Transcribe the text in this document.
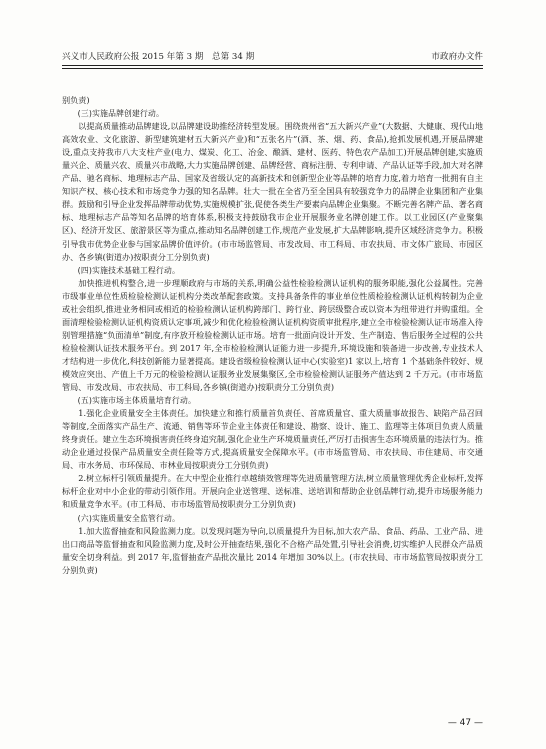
兴义市人民政府公报 2015 年第 3 期　总第 34 期	市政府办文件

别负责)

(三)实施品牌创建行动。

以提高质量推动品牌建设,以品牌建设助推经济转型发展。围绕贵州省“五大新兴产业”(大数据、大健康、现代山地高效农业、文化旅游、新型建筑建材五大新兴产业)和“五张名片”(酒、茶、烟、药、食品),抢抓发展机遇,开展品牌建设,重点支持我市八大支柱产业(电力、煤炭、化工、冶金、酿酒、建材、医药、特色农产品加工)开展品牌创建,实施质量兴企、质量兴农、质量兴市战略,大力实施品牌创建、品牌经营、商标注册、专利申请、产品认证等手段,加大对名牌产品、驰名商标、地理标志产品、国家及省级认定的高新技术和创新型企业等品牌的培育力度,着力培育一批拥有自主知识产权、核心技术和市场竞争力强的知名品牌。壮大一批在全省乃至全国具有较强竞争力的品牌企业集团和产业集群。鼓励和引导企业发挥品牌带动优势,实施规模扩张,促使各类生产要素向品牌企业集聚。不断完善名牌产品、著名商标、地理标志产品等知名品牌的培育体系,积极支持鼓励我市企业开展服务业名牌创建工作。以工业园区(产业聚集区)、经济开发区、旅游景区等为重点,推动知名品牌创建工作,规范产业发展,扩大品牌影响,提升区域经济竞争力。积极引导我市优势企业参与国家品牌价值评价。(市市场监管局、市发改局、市工科局、市农扶局、市文体广旅局、市园区办、各乡镇(街道办)按职责分工分别负责)

(四)实施技术基础工程行动。

加快推进机构整合,进一步理顺政府与市场的关系,明确公益性检验检测认证机构的服务职能,强化公益属性。完善市级事业单位性质检验检测认证机构分类改革配套政策。支持具备条件的事业单位性质检验检测认证机构转制为企业或社会组织,推进业务相同或相近的检验检测认证机构跨部门、跨行业、跨层级整合或以资本为纽带进行并购重组。全面清理检验检测认证机构资质认定事项,减少和优化检验检测认证机构资质审批程序,建立全市检验检测认证市场准入待别管理措施“负面清单”制度,有序放开检验检测认证市场。培育一批面向设计开发、生产制造、售后服务全过程的公共检验检测认证技术服务平台。到 2017 年,全市检验检测认证能力进一步提升,环境设施和装备进一步改善,专业技术人才结构进一步优化,科技创新能力显著提高。建设省级检验检测认证中心(实验室)1 家以上,培育 1 个基础条件较好、规模效应突出、产值上千万元的检验检测认证服务业发展集聚区,全市检验检测认证服务产值达到 2 千万元。(市市场监管局、市发改局、市农扶局、市工科局,各乡镇(街道办)按职责分工分别负责)

(五)实施市场主体质量培育行动。

1.强化企业质量安全主体责任。加快建立和推行质量首负责任、首席质量官、重大质量事故报告、缺陷产品召回等制度,全面落实产品生产、流通、销售等环节企业主体责任和建设、勘察、设计、施工、监理等主体项目负责人质量终身责任。建立生态环境损害责任终身追究制,强化企业生产环境质量责任,严厉打击损害生态环境质量的违法行为。推动企业通过投保产品质量安全责任险等方式,提高质量安全保障水平。(市市场监管局、市农扶局、市住建局、市交通局、市水务局、市环保局、市林业局按职责分工分别负责)

2.树立标杆引领质量提升。在大中型企业推行卓越绩效管理等先进质量管理方法,树立质量管理优秀企业标杆,发挥标杆企业对中小企业的带动引领作用。开展向企业送管理、送标准、送培训和帮助企业创品牌行动,提升市场服务能力和质量竞争水平。(市工科局、市市场监管局按职责分工分别负责)

(六)实施质量安全监管行动。

1.加大监督抽查和风险监测力度。以发现问题为导向,以质量提升为目标,加大农产品、食品、药品、工业产品、进出口商品等监督抽查和风险监测力度,及时公开抽查结果,强化不合格产品处置,引导社会消费,切实维护人民群众产品质量安全切身利益。到 2017 年,监督抽查产品批次量比 2014 年增加 30%以上。(市农扶局、市市场监管局按职责分工分别负责)

— 47 —
